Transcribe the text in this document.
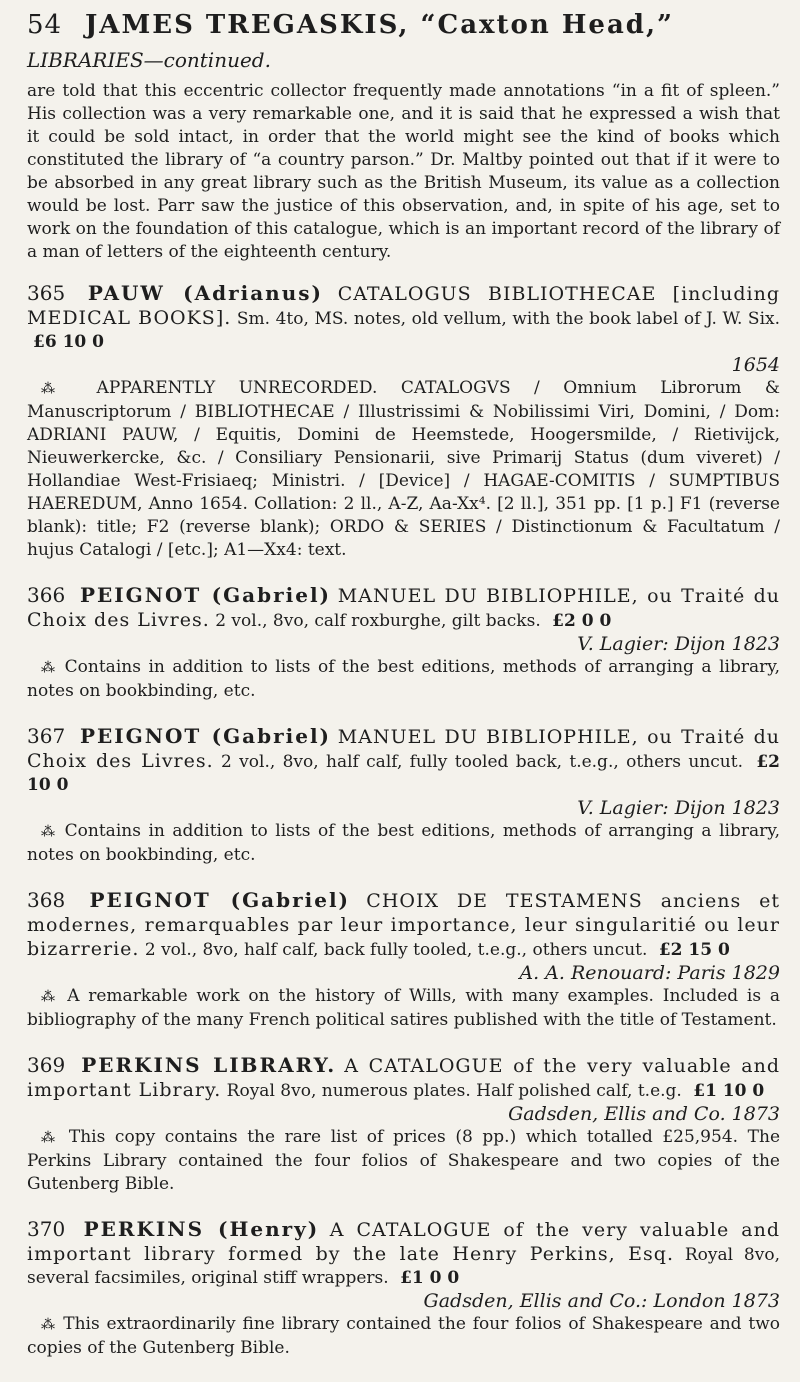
54 JAMES TREGASKIS, “Caxton Head,”
LIBRARIES—continued.

are told that this eccentric collector frequently made annotations “in a fit of spleen.” His collection was a very remarkable one, and it is said that he expressed a wish that it could be sold intact, in order that the world might see the kind of books which constituted the library of “a country parson.” Dr. Maltby pointed out that if it were to be absorbed in any great library such as the British Museum, its value as a collection would be lost. Parr saw the justice of this observation, and, in spite of his age, set to work on the foundation of this catalogue, which is an important record of the library of a man of letters of the eighteenth century.

365 PAUW (Adrianus) CATALOGUS BIBLIOTHECAE [including MEDICAL BOOKS]. Sm. 4to, MS. notes, old vellum, with the book label of J. W. Six. £6 10 0
1654
⁂ APPARENTLY UNRECORDED. CATALOGVS / Omnium Librorum & Manuscriptorum / BIBLIOTHECAE / Illustrissimi & Nobilissimi Viri, Domini, / Dom: ADRIANI PAUW, / Equitis, Domini de Heemstede, Hoogersmilde, / Rietivijck, Nieuwerkercke, &c. / Consiliary Pensionarii, sive Primarij Status (dum viveret) / Hollandiae West-Frisiaeq; Ministri. / [Device] / HAGAE-COMITIS / SUMPTIBUS HAEREDUM, Anno 1654. Collation: 2 ll., A-Z, Aa-Xx⁴. [2 ll.], 351 pp. [1 p.] F1 (reverse blank): title; F2 (reverse blank); ORDO & SERIES / Distinctionum & Facultatum / hujus Catalogi / [etc.]; A1—Xx4: text.
366 PEIGNOT (Gabriel) MANUEL DU BIBLIOPHILE, ou Traité du Choix des Livres. 2 vol., 8vo, calf roxburghe, gilt backs. £2 0 0
V. Lagier: Dijon 1823
⁂ Contains in addition to lists of the best editions, methods of arranging a library, notes on bookbinding, etc.
367 PEIGNOT (Gabriel) MANUEL DU BIBLIOPHILE, ou Traité du Choix des Livres. 2 vol., 8vo, half calf, fully tooled back, t.e.g., others uncut. £2 10 0
V. Lagier: Dijon 1823
⁂ Contains in addition to lists of the best editions, methods of arranging a library, notes on bookbinding, etc.
368 PEIGNOT (Gabriel) CHOIX DE TESTAMENS anciens et modernes, remarquables par leur importance, leur singularitié ou leur bizarrerie. 2 vol., 8vo, half calf, back fully tooled, t.e.g., others uncut. £2 15 0
A. A. Renouard: Paris 1829
⁂ A remarkable work on the history of Wills, with many examples. Included is a bibliography of the many French political satires published with the title of Testament.
369 PERKINS LIBRARY. A CATALOGUE of the very valuable and important Library. Royal 8vo, numerous plates. Half polished calf, t.e.g. £1 10 0
Gadsden, Ellis and Co. 1873
⁂ This copy contains the rare list of prices (8 pp.) which totalled £25,954. The Perkins Library contained the four folios of Shakespeare and two copies of the Gutenberg Bible.
370 PERKINS (Henry) A CATALOGUE of the very valuable and important library formed by the late Henry Perkins, Esq. Royal 8vo, several facsimiles, original stiff wrappers. £1 0 0
Gadsden, Ellis and Co.: London 1873
⁂ This extraordinarily fine library contained the four folios of Shakespeare and two copies of the Gutenberg Bible.
